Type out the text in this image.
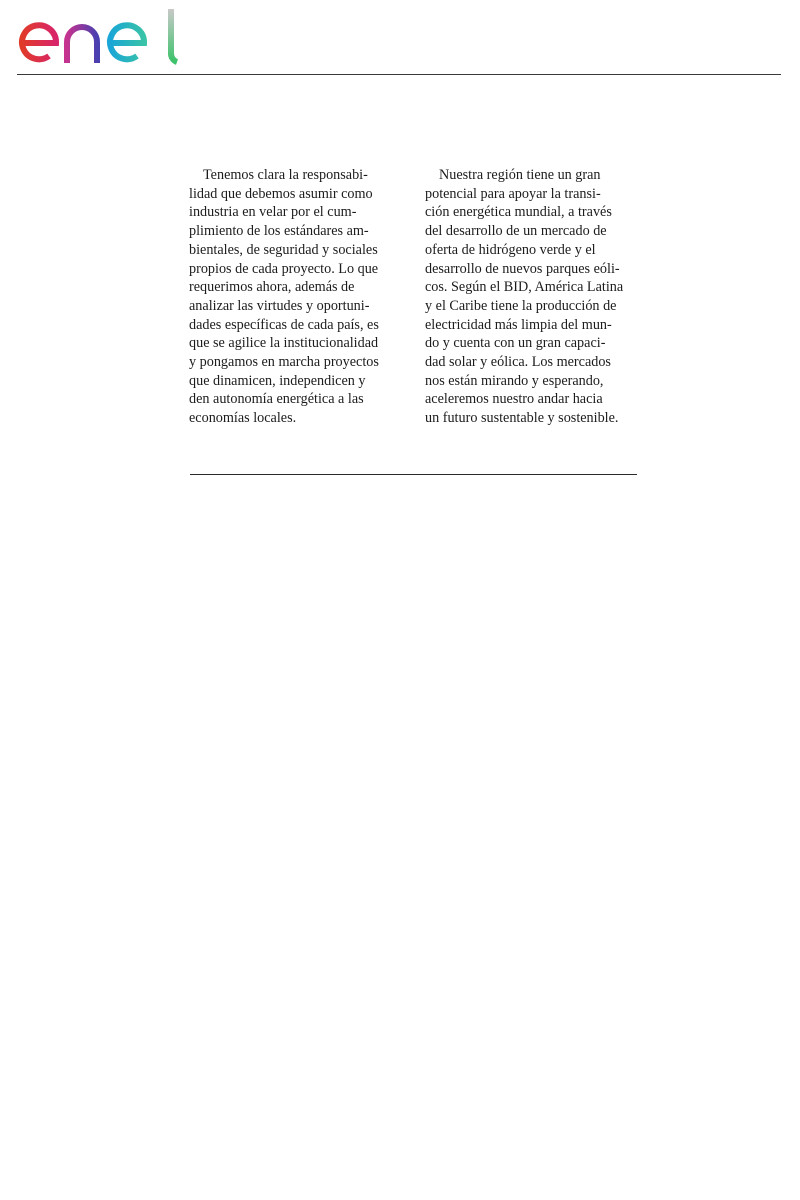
Tenemos clara la responsabi-
lidad que debemos asumir como
industria en velar por el cum-
plimiento de los estándares am-
bientales, de seguridad y sociales
propios de cada proyecto. Lo que
requerimos ahora, además de
analizar las virtudes y oportuni-
dades específicas de cada país, es
que se agilice la institucionalidad
y pongamos en marcha proyectos
que dinamicen, independicen y
den autonomía energética a las
economías locales.
Nuestra región tiene un gran
potencial para apoyar la transi-
ción energética mundial, a través
del desarrollo de un mercado de
oferta de hidrógeno verde y el
desarrollo de nuevos parques eóli-
cos. Según el BID, América Latina
y el Caribe tiene la producción de
electricidad más limpia del mun-
do y cuenta con un gran capaci-
dad solar y eólica. Los mercados
nos están mirando y esperando,
aceleremos nuestro andar hacia
un futuro sustentable y sostenible.
